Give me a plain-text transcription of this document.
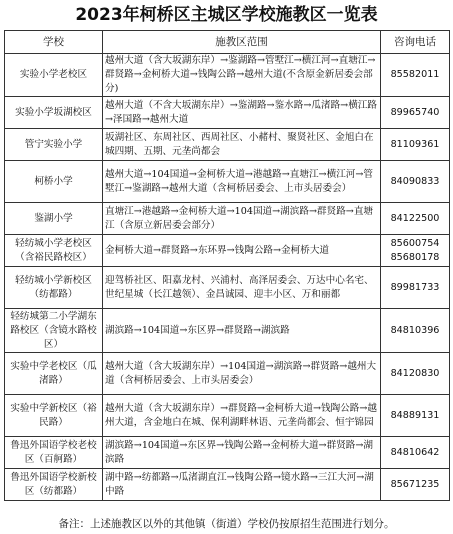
2023年柯桥区主城区学校施教区一览表
学校	施教区范围	咨询电话
实验小学老校区	越州大道（含大坂湖东岸）→鉴湖路→管墅江→横江河→直塘江→群贤路→金柯桥大道→钱陶公路→越州大道(不含原金新居委会部分)	85582011

实验小学坂湖校区	越州大道（不含大坂湖东岸）→鉴湖路→鉴水路→瓜渚路→横江路→泽国路→越州大道	89965740

管宁实验小学	坂湖社区、东周社区、西周社区、小赭村、聚贤社区、金旭白在城四期、五期、元垄尚都会	81109361

柯桥小学	越州大道→104国道→金柯桥大道→港越路→直塘江→横江河→管墅江→鉴湖路→越州大道（含柯桥居委会、上市头居委会）	84090833

鉴湖小学	直塘江→港越路→金柯桥大道→104国道→湖滨路→群贤路→直塘江（含原立新居委会部分）	84122500

轻纺城小学老校区（含裕民路校区）	金柯桥大道→群贤路→东环界→钱陶公路→金柯桥大道	85600754
85680178

轻纺城小学新校区（纺都路）	迎驾桥社区、阳嘉龙村、兴浦村、高泽居委会、万达中心名宅、世纪星城（长江越领）、金昌诚园、迎丰小区、万和丽都	89981733

轻纺城第二小学湖东路校区（含镜水路校区）	湖滨路→104国道→东区界→群贤路→湖滨路	84810396

实验中学老校区（瓜渚路）	越州大道（含大坂湖东岸）→104国道→湖滨路→群贤路→越州大道（含柯桥居委会、上市头居委会）	84120830

实验中学新校区（裕民路）	越州大道（含大坂湖东岸）→群贤路→金柯桥大道→钱陶公路→越州大道，含金地白在城、保利湖畔林语、元垄尚都会、恒宇锦园	84889131

鲁迅外国语学校老校区（百舸路）	湖滨路→104国道→东区界→钱陶公路→金柯桥大道→群贤路→湖滨路	84810642

鲁迅外国语学校新校区（纺都路）	湖中路→纺都路→瓜渚湖直江→钱陶公路→镜水路→三江大河→湖中路	85671235
备注：上述施教区以外的其他镇（街道）学校仍按原招生范围进行划分。
